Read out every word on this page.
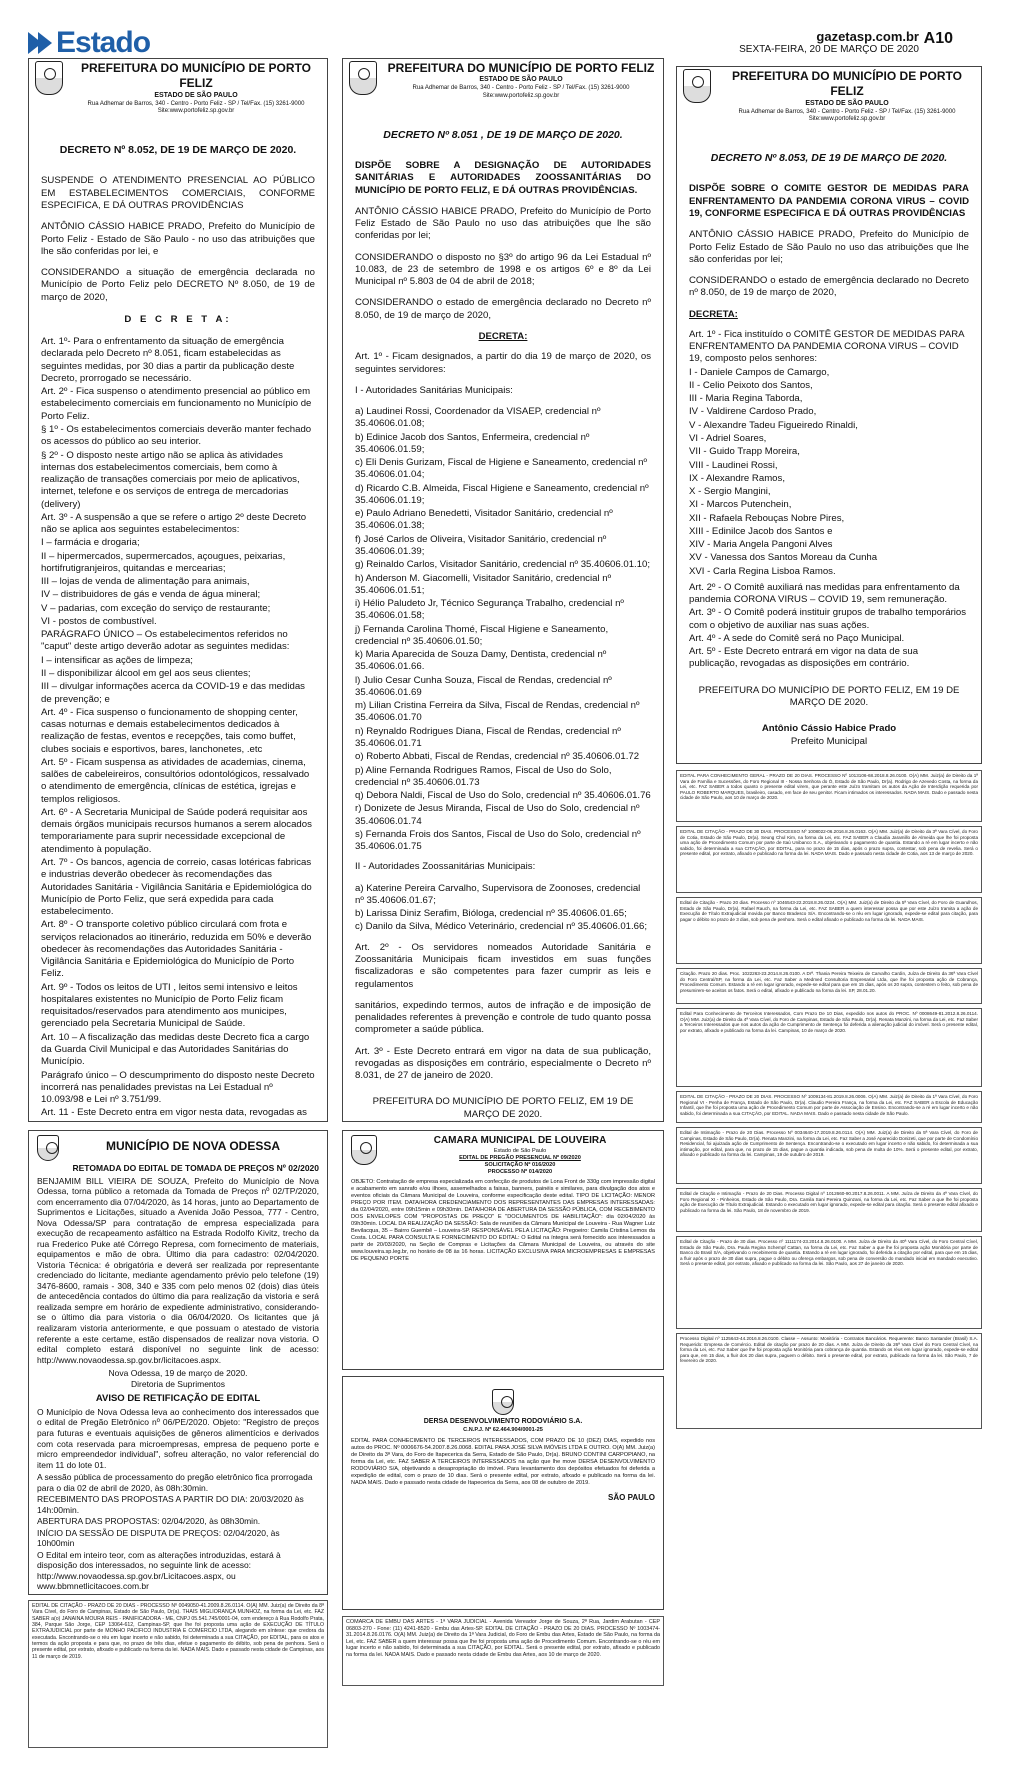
Estado	gazetasp.com.br
SEXTA-FEIRA, 20 DE MARÇO DE 2020
A10
PREFEITURA DO MUNICÍPIO DE PORTO FELIZ
ESTADO DE SÃO PAULO
Rua Adhemar de Barros, 340 - Centro - Porto Feliz - SP / Tel/Fax. (15) 3261-9000
Site:www.portofeliz.sp.gov.br
DECRETO Nº 8.052, DE 19 DE MARÇO DE 2020.
SUSPENDE O ATENDIMENTO PRESENCIAL AO PÚBLICO EM ESTABELECIMENTOS COMERCIAIS, CONFORME ESPECIFICA, E DÁ OUTRAS PROVIDÊNCIAS
ANTÔNIO CÁSSIO HABICE PRADO, Prefeito do Município de Porto Feliz - Estado de São Paulo - no uso das atribuições que lhe são conferidas por lei, e
CONSIDERANDO a situação de emergência declarada no Município de Porto Feliz pelo DECRETO Nº 8.050, de 19 de março de 2020,
D E C R E T A:
Art. 1º- Para o enfrentamento da situação de emergência declarada pelo Decreto nº 8.051, ficam estabelecidas as seguintes medidas, por 30 dias a partir da publicação deste Decreto, prorrogado se necessário.
Art. 2º - Fica suspenso o atendimento presencial ao público em estabelecimento comerciais em funcionamento no Município de Porto Feliz.
§ 1º - Os estabelecimentos comerciais deverão manter fechado os acessos do público ao seu interior.
§ 2º - O disposto neste artigo não se aplica às atividades internas dos estabelecimentos comerciais, bem como à realização de transações comerciais por meio de aplicativos, internet, telefone e os serviços de entrega de mercadorias (delivery)
Art. 3º - A suspensão a que se refere o artigo 2º deste Decreto não se aplica aos seguintes estabelecimentos:
I – farmácia e drogaria;
II – hipermercados, supermercados, açougues, peixarias, hortifrutigranjeiros, quitandas e mercearias;
III – lojas de venda de alimentação para animais,
IV – distribuidores de gás e venda de água mineral;
V – padarias, com exceção do serviço de restaurante;
VI - postos de combustível.
PARÁGRAFO ÚNICO – Os estabelecimentos referidos no "caput" deste artigo deverão adotar as seguintes medidas:
I – intensificar as ações de limpeza;
II – disponibilizar álcool em gel aos seus clientes;
III – divulgar informações acerca da COVID-19 e das medidas de prevenção; e
Art. 4º - Fica suspenso o funcionamento de shopping center, casas noturnas e demais estabelecimentos dedicados à realização de festas, eventos e recepções, tais como buffet, clubes sociais e esportivos, bares, lanchonetes, .etc
Art. 5º - Ficam suspensa as atividades de academias, cinema, salões de cabeleireiros, consultórios odontológicos, ressalvado o atendimento de emergência, clínicas de estética, igrejas e templos religiosos.
Art. 6º - A Secretaria Municipal de Saúde poderá requisitar aos demais órgãos municipais recursos humanos a serem alocados temporariamente para suprir necessidade excepcional de atendimento à população.
Art. 7º - Os bancos, agencia de correio, casas lotéricas fabricas e industrias deverão obedecer às recomendações das Autoridades Sanitária - Vigilância Sanitária e Epidemiológica do Município de Porto Feliz, que será expedida para cada estabelecimento.
Art. 8º - O transporte coletivo público circulará com frota e serviços relacionados ao itinerário, reduzida em 50% e deverão obedecer às recomendações das Autoridades Sanitária - Vigilância Sanitária e Epidemiológica do Município de Porto Feliz.
Art. 9º - Todos os leitos de UTI , leitos semi intensivo e leitos hospitalares existentes no Município de Porto Feliz ficam requisitados/reservados para atendimento aos municipes, gerenciado pela Secretaria Municipal de Saúde.
Art. 10 – A fiscalização das medidas deste Decreto fica a cargo da Guarda Civil Municipal e das Autoridades Sanitárias do Município.
Parágrafo único – O descumprimento do disposto neste Decreto incorrerá nas penalidades previstas na Lei Estadual nº 10.093/98 e Lei nº 3.751/99.
Art. 11 - Este Decreto entra em vigor nesta data, revogadas as
PREFEITURA DO MUNICÍPIO DE PORTO FELIZ
ESTADO DE SÃO PAULO
Rua Adhemar de Barros, 340 - Centro - Porto Feliz - SP / Tel/Fax. (15) 3261-9000
Site:www.portofeliz.sp.gov.br
DECRETO Nº 8.051 , DE 19 DE MARÇO DE 2020.
DISPÕE SOBRE A DESIGNAÇÃO DE AUTORIDADES SANITÁRIAS E AUTORIDADES ZOOSSANITÁRIAS DO MUNICÍPIO DE PORTO FELIZ, E DÁ OUTRAS PROVIDÊNCIAS.
ANTÔNIO CÁSSIO HABICE PRADO, Prefeito do Município de Porto Feliz Estado de São Paulo no uso das atribuições que lhe são conferidas por lei;
CONSIDERANDO o disposto no §3º do artigo 96 da Lei Estadual nº 10.083, de 23 de setembro de 1998 e os artigos 6º e 8º da Lei Municipal nº 5.803 de 04 de abril de 2018;
CONSIDERANDO o estado de emergência declarado no Decreto nº 8.050, de 19 de março de 2020,
DECRETA:
Art. 1º - Ficam designados, a partir do dia 19 de março de 2020, os seguintes servidores:
I - Autoridades Sanitárias Municipais:
a) Laudinei Rossi, Coordenador da VISAEP, credencial nº 35.40606.01.08;
b) Edinice Jacob dos Santos, Enfermeira, credencial nº 35.40606.01.59;
c) Eli Denis Gurizam, Fiscal de Higiene e Saneamento, credencial nº 35.40606.01.04;
d) Ricardo C.B. Almeida, Fiscal Higiene e Saneamento, credencial nº 35.40606.01.19;
e) Paulo Adriano Benedetti, Visitador Sanitário, credencial nº 35.40606.01.38;
f) José Carlos de Oliveira, Visitador Sanitário, credencial nº 35.40606.01.39;
g) Reinaldo Carlos, Visitador Sanitário, credencial nº 35.40606.01.10;
h) Anderson M. Giacomelli, Visitador Sanitário, credencial nº 35.40606.01.51;
i) Hélio Paludeto Jr, Técnico Segurança Trabalho, credencial nº 35.40606.01.58;
j) Fernanda Carolina Thomé, Fiscal Higiene e Saneamento, credencial nº 35.40606.01.50;
k) Maria Aparecida de Souza Damy, Dentista, credencial nº 35.40606.01.66.
l) Julio Cesar Cunha Souza, Fiscal de Rendas, credencial nº 35.40606.01.69
m) Lilian Cristina Ferreira da Silva, Fiscal de Rendas, credencial nº 35.40606.01.70
n) Reynaldo Rodrigues Diana, Fiscal de Rendas, credencial nº 35.40606.01.71
o) Roberto Abbati, Fiscal de Rendas, credencial nº 35.40606.01.72
p) Aline Fernanda Rodrigues Ramos, Fiscal de Uso do Solo, credencial nº 35.40606.01.73
q) Debora Naldi, Fiscal de Uso do Solo, credencial nº 35.40606.01.76
r) Donizete de Jesus Miranda, Fiscal de Uso do Solo, credencial nº 35.40606.01.74
s) Fernanda Frois dos Santos, Fiscal de Uso do Solo, credencial nº 35.40606.01.75
II - Autoridades Zoossanitárias Municipais:
a) Katerine Pereira Carvalho, Supervisora de Zoonoses, credencial nº 35.40606.01.67;
b) Larissa Diniz Serafim, Bióloga, credencial nº 35.40606.01.65;
c) Danilo da Silva, Médico Veterinário, credencial nº 35.40606.01.66;
Art. 2º - Os servidores nomeados Autoridade Sanitária e Zoossanitária Municipais ficam investidos em suas funções fiscalizadoras e são competentes para fazer cumprir as leis e regulamentos
sanitários, expedindo termos, autos de infração e de imposição de penalidades referentes à prevenção e controle de tudo quanto possa comprometer a saúde pública.
Art. 3º - Este Decreto entrará em vigor na data de sua publicação, revogadas as disposições em contrário, especialmente o Decreto nº 8.031, de 27 de janeiro de 2020.
PREFEITURA DO MUNICÍPIO DE PORTO FELIZ, EM 19 DE MARÇO DE 2020.
PREFEITURA DO MUNICÍPIO DE PORTO FELIZ
ESTADO DE SÃO PAULO
Rua Adhemar de Barros, 340 - Centro - Porto Feliz - SP / Tel/Fax. (15) 3261-9000
Site:www.portofeliz.sp.gov.br
DECRETO Nº 8.053, DE 19 DE MARÇO DE 2020.
DISPÕE SOBRE O COMITE GESTOR DE MEDIDAS PARA ENFRENTAMENTO DA PANDEMIA CORONA VIRUS – COVID 19, CONFORME ESPECIFICA E DÁ OUTRAS PROVIDÊNCIAS
ANTÔNIO CÁSSIO HABICE PRADO, Prefeito do Município de Porto Feliz Estado de São Paulo no uso das atribuições que lhe são conferidas por lei;
CONSIDERANDO o estado de emergência declarado no Decreto nº 8.050, de 19 de março de 2020,
DECRETA:
Art. 1º - Fica instituído o COMITÊ GESTOR DE MEDIDAS PARA ENFRENTAMENTO DA PANDEMIA CORONA VIRUS – COVID 19, composto pelos senhores:
I - Daniele Campos de Camargo,
II - Celio Peixoto dos Santos,
III - Maria Regina Taborda,
IV - Valdirene Cardoso Prado,
V - Alexandre Tadeu Figueiredo Rinaldi,
VI - Adriel Soares,
VII - Guido Trapp Moreira,
VIII - Laudinei Rossi,
IX - Alexandre Ramos,
X - Sergio Mangini,
XI - Marcos Putenchein,
XII - Rafaela Rebouças Nobre Pires,
XIII - Edinilce Jacob dos Santos e
XIV - Maria Angela Pangoni Alves
XV - Vanessa dos Santos Moreau da Cunha
XVI - Carla Regina Lisboa Ramos.
Art. 2º - O Comitê auxiliará nas medidas para enfrentamento da pandemia CORONA VIRUS – COVID 19, sem remuneração.
Art. 3º - O Comitê poderá instituir grupos de trabalho temporários com o objetivo de auxiliar nas suas ações.
Art. 4º - A sede do Comitê será no Paço Municipal.
Art. 5º - Este Decreto entrará em vigor na data de sua publicação, revogadas as disposições em contrário.
PREFEITURA DO MUNICÍPIO DE PORTO FELIZ, EM 19 DE MARÇO DE 2020.
Antônio Cássio Habice Prado
Prefeito Municipal
EDITAL PARA CONHECIMENTO GERAL - PRAZO DE 20 DIAS. PROCESSO Nº 1013106-68.2018.8.26.0100. O(A) MM. Juiz(a) de Direito da 1ª Vara de Família e Sucessões, do Foro Regional III - Nossa Senhora do Ó, Estado de São Paulo, Dr(a). Rodrigo de Azevedo Costa, na forma da Lei, etc. FAZ SABER a todos quanto o presente edital virem, que perante este Juízo tramitam os autos da Ação de Interdição requerida por PAULO ROBERTO MARQUES, brasileiro, casado, em face de seu genitor. Ficam intimados os interessados. NADA MAIS. Dado e passado nesta cidade de São Paulo, aos 10 de março de 2020.
EDITAL DE CITAÇÃO - PRAZO DE 30 DIAS. PROCESSO Nº 1008022-06.2016.8.26.0163. O(A) MM. Juiz(a) de Direito da 3ª Vara Cível, do Foro de Cotia, Estado de São Paulo, Dr(a). Seung Chul Kim, na forma da Lei, etc. FAZ SABER a Claudia Jaramillo de Almeida que lhe foi proposta uma ação de Procedimento Comum por parte de Itaú Unibanco S.A., objetivando o pagamento de quantia. Estando a ré em lugar incerto e não sabido, foi determinada a sua CITAÇÃO, por EDITAL, para no prazo de 15 dias, após o prazo supra, contestar, sob pena de revelia. Será o presente edital, por extrato, afixado e publicado na forma da lei. NADA MAIS. Dado e passado nesta cidade de Cotia, aos 13 de março de 2020.
Edital de Citação - Prazo 20 dias. Processo nº 1046543-22.2018.8.26.0224. O(A) MM. Juiz(a) de Direito da 5ª Vara Cível, do Foro de Guarulhos, Estado de São Paulo, Dr(a). Rafael Rauch, na forma da Lei, etc. FAZ SABER a quem interessar possa que por este Juízo tramita a ação de Execução de Título Extrajudicial movida por Banco Bradesco S/A. Encontrando-se o réu em lugar ignorado, expede-se edital para citação, para pagar o débito no prazo de 3 dias, sob pena de penhora. Será o edital afixado e publicado na forma da lei. NADA MAIS.
Citação. Prazo 20 dias. Proc. 1022263-23.2014.8.26.0100. A Drª. Thania Pereira Teixeira de Carvalho Cardin, Juíza de Direito da 36ª Vara Cível do Foro Central/SP, na forma da Lei, etc. Faz Saber a Medmed Consultoria Empresarial Ltda, que lhe foi proposta ação de Cobrança, Procedimento Comum. Estando a ré em lugar ignorado, expede-se edital para que em 15 dias, após os 20 supra, contestem o feito, sob pena de presumirem-se aceitos os fatos. Será o edital, afixado e publicado na forma da lei. SP, 28.01.20.
Edital Para Conhecimento de Terceiros Interessados, Com Prazo De 10 Dias, expedido nos autos do PROC. Nº 0008649-81.2012.8.26.0114. O(A) MM. Juiz(a) de Direito da 4ª Vara Cível, do Foro de Campinas, Estado de São Paulo, Dr(a). Renata Manzini, na forma da Lei, etc. Faz Saber a Terceiros Interessados que nos autos da ação de Cumprimento de Sentença foi deferida a alienação judicial do imóvel. Será o presente edital, por extrato, afixado e publicado na forma da lei. Campinas, 10 de março de 2020.
EDITAL DE CITAÇÃO - PRAZO DE 20 DIAS. PROCESSO Nº 1009134-81.2019.8.26.0006. O(A) MM. Juiz(a) de Direito da 1ª Vara Cível, do Foro Regional VI - Penha de França, Estado de São Paulo, Dr(a). Claudio Pereira França, na forma da Lei, etc. FAZ SABER a Escola de Educação Infantil, que lhe foi proposta uma ação de Procedimento Comum por parte de Associação de Ensino. Encontrando-se a ré em lugar incerto e não sabido, foi determinada a sua CITAÇÃO, por EDITAL. NADA MAIS. Dado e passado nesta cidade de São Paulo.
Edital de Intimação - Prazo de 20 Dias. Processo Nº 0034640-17.2019.8.26.0114. O(A) MM. Juiz(a) de Direito da 5ª Vara Cível, do Foro de Campinas, Estado de São Paulo, Dr(a). Renata Manzini, na forma da Lei, etc. Faz Saber a José Aparecido Donizeti, que por parte de Condomínio Residencial, foi ajuizada ação de Cumprimento de Sentença. Encontrando-se o executado em lugar incerto e não sabido, foi determinada a sua intimação, por edital, para que, no prazo de 15 dias, pague a quantia indicada, sob pena de multa de 10%. Será o presente edital, por extrato, afixado e publicado na forma da lei. Campinas, 19 de outubro de 2019.
Edital de Citação e Intimação - Prazo de 20 Dias. Processo Digital nº 1012660-90.2017.8.26.0011. A MM. Juíza de Direito da 4ª Vara Cível, do Foro Regional XI - Pinheiros, Estado de São Paulo, Dra. Camila Sani Pereira Quinzani, na forma da Lei, etc. Faz Saber a que lhe foi proposta ação de Execução de Título Extrajudicial. Estando o executado em lugar ignorado, expede-se edital para citação. Será o presente edital afixado e publicado na forma da lei. São Paulo, 18 de novembro de 2019.
Edital de Citação - Prazo de 30 dias. Processo nº 1111174-23.2014.8.26.0100. A MM. Juíza de Direito da 40ª Vara Cível, do Foro Central Cível, Estado de São Paulo, Dra. Paula Regina Schempf Cattan, na forma da Lei, etc. Faz Saber a que lhe foi proposta ação Monitória por parte de Banco do Brasil S/A, objetivando o recebimento de quantia. Estando a ré em lugar ignorado, foi deferida a citação por edital, para que em 15 dias, a fluir após o prazo de 30 dias supra, pague o débito ou ofereça embargos, sob pena de conversão do mandado inicial em mandado executivo. Será o presente edital, por extrato, afixado e publicado na forma da lei. São Paulo, aos 27 de janeiro de 2020.
Processo Digital nº 1125643-44.2016.8.26.0100. Classe – Assunto: Monitória - Contratos Bancários. Requerente: Banco Santander (Brasil) S.A. Requerido: Empresa de Comércio. Edital de citação por prazo de 20 dias. A MM. Juíza de Direito da 26ª Vara Cível do Foro Central Cível, na forma da Lei, etc. Faz Saber que lhe foi proposta ação Monitória para cobrança de quantia. Estando os réus em lugar ignorado, expede-se edital para que, em 15 dias, a fluir dos 20 dias supra, paguem o débito. Será o presente edital, por extrato, publicado na forma da lei. São Paulo, 7 de fevereiro de 2020.
MUNICÍPIO DE NOVA ODESSA
RETOMADA DO EDITAL DE TOMADA DE PREÇOS Nº 02/2020
BENJAMIM BILL VIEIRA DE SOUZA, Prefeito do Município de Nova Odessa, torna público a retomada da Tomada de Preços nº 02/TP/2020, com encerramento dia 07/04/2020, às 14 horas, junto ao Departamento de Suprimentos e Licitações, situado a Avenida João Pessoa, 777 - Centro, Nova Odessa/SP para contratação de empresa especializada para execução de recapeamento asfáltico na Estrada Rodolfo Kivitz, trecho da rua Frederico Puke até Córrego Represa, com fornecimento de materiais, equipamentos e mão de obra. Último dia para cadastro: 02/04/2020. Vistoria Técnica: é obrigatória e deverá ser realizada por representante credenciado do licitante, mediante agendamento prévio pelo telefone (19) 3476-8600, ramais - 308, 340 e 335 com pelo menos 02 (dois) dias úteis de antecedência contados do último dia para realização da vistoria e será realizada sempre em horário de expediente administrativo, considerando-se o último dia para vistoria o dia 06/04/2020. Os licitantes que já realizaram vistoria anteriormente, e que possuam o atestado de vistoria referente a este certame, estão dispensados de realizar nova vistoria. O edital completo estará disponível no seguinte link de acesso: http://www.novaodessa.sp.gov.br/licitacoes.aspx.
Nova Odessa, 19 de março de 2020.
Diretoria de Suprimentos
AVISO DE RETIFICAÇÃO DE EDITAL
O Município de Nova Odessa leva ao conhecimento dos interessados que o edital de Pregão Eletrônico nº 06/PE/2020. Objeto: "Registro de preços para futuras e eventuais aquisições de gêneros alimentícios e derivados com cota reservada para microempresas, empresa de pequeno porte e micro empreendedor individual", sofreu alteração, no valor referencial do item 11 do lote 01.
A sessão pública de processamento do pregão eletrônico fica prorrogada para o dia 02 de abril de 2020, às 08h:30min.
RECEBIMENTO DAS PROPOSTAS A PARTIR DO DIA: 20/03/2020 às 14h:00min.
ABERTURA DAS PROPOSTAS: 02/04/2020, às 08h30min.
INÍCIO DA SESSÃO DE DISPUTA DE PREÇOS: 02/04/2020, às 10h00min
O Edital em inteiro teor, com as alterações introduzidas, estará à disposição dos interessados, no seguinte link de acesso: http://www.novaodessa.sp.gov.br/Licitacoes.aspx, ou www.bbmnetlicitacoes.com.br
EDITAL DE CITAÇÃO - PRAZO DE 20 DIAS - PROCESSO Nº 0049050-41.2009.8.26.0114. O(A) MM. Juiz(a) de Direito da 8ª Vara Cível, do Foro de Campinas, Estado de São Paulo, Dr(a). THAIS MIGLIORANÇA MUNHOZ, na forma da Lei, etc. FAZ SABER a(o) JANAINA MOURA REIS - PANIFICADORA - ME, CNPJ 05.541.745/0001-04, com endereço à Rua Rodolfo Prata, 384, Parque São Jorge, CEP 13064-612, Campinas-SP, que lhe foi proposta uma ação de EXECUÇÃO DE TÍTULO EXTRAJUDICIAL por parte de MONHO PACIFICO INDUSTRIA E COMERCIO LTDA, alegando em síntese: que credora da executada. Encontrando-se o réu em lugar incerto e não sabido, foi determinada a sua CITAÇÃO, por EDITAL, para os atos e termos da ação proposta e para que, no prazo de três dias, efetue o pagamento do débito, sob pena de penhora. Será o presente edital, por extrato, afixado e publicado na forma da lei. NADA MAIS. Dado e passado nesta cidade de Campinas, aos 11 de março de 2019.
CAMARA MUNICIPAL DE LOUVEIRA
Estado de São Paulo
EDITAL DE PREGÃO PRESENCIAL Nº 09/2020
SOLICITAÇÃO Nº 016/2020
PROCESSO Nº 014/2020
OBJETO: Contratação de empresa especializada em confecção de produtos de Lona Front de 330g com impressão digital e acabamento em sanrafo e/ou ilhoes, assemelhados a faixas, banners, painéis e similares, para divulgação dos atos e eventos oficiais da Câmara Municipal de Louveira, conforme especificação deste edital. TIPO DE LICITAÇÃO: MENOR PREÇO POR ITEM. DATA/HORA CREDENCIAMENTO DOS REPRESENTANTES DAS EMPRESAS INTERESSADAS: dia 02/04/2020, entre 09h15min e 09h30min. DATA/HORA DE ABERTURA DA SESSÃO PÚBLICA, COM RECEBIMENTO DOS ENVELOPES COM "PROPOSTAS DE PREÇO" E "DOCUMENTOS DE HABILITAÇÃO": dia 02/04/2020 às 09h30min. LOCAL DA REALIZAÇÃO DA SESSÃO: Sala de reuniões da Câmara Municipal de Louveira - Rua Wagner Luiz Bevilacqua, 35 – Bairro Guembê – Louveira-SP. RESPONSÁVEL PELA LICITAÇÃO: Pregoeiro: Camila Cristina Lemos da Costa. LOCAL PARA CONSULTA E FORNECIMENTO DO EDITAL: O Edital na íntegra será fornecido aos interessados a partir de 20/03/2020, na Seção de Compras e Licitações da Câmara Municipal de Louveira, ou através do site www.louveira.sp.leg.br, no horário de 08 às 16 horas. LICITAÇÃO EXCLUSIVA PARA MICROEMPRESAS E EMPRESAS DE PEQUENO PORTE
DERSA DESENVOLVIMENTO RODOVIÁRIO S.A.
C.N.P.J. Nº 62.464.904/0001-25
EDITAL PARA CONHECIMENTO DE TERCEIROS INTERESSADOS, COM PRAZO DE 10 (DEZ) DIAS, expedido nos autos do PROC. Nº 0006676-54.2007.8.26.0068. EDITAL PARA JOSÉ SILVA IMÓVEIS LTDA E OUTRO. O(A) MM. Juiz(a) de Direito da 3ª Vara, do Foro de Itapecerica da Serra, Estado de São Paulo, Dr(a). BRUNO CONTINI CARPOPIANO, na forma da Lei, etc. FAZ SABER A TERCEIROS INTERESSADOS na ação que lhe move DERSA DESENVOLVIMENTO RODOVIÁRIO S/A, objetivando a desapropriação do imóvel. Para levantamento dos depósitos efetuados foi deferida a expedição de edital, com o prazo de 10 dias. Será o presente edital, por extrato, afixado e publicado na forma da lei. NADA MAIS. Dado e passado nesta cidade de Itapecerica da Serra, aos 08 de outubro de 2019.
SÃO PAULO
COMARCA DE EMBU DAS ARTES - 1ª VARA JUDICIAL - Avenida Vereador Jorge de Souza, 2ª Rua, Jardim Arabutan - CEP 06803-270 - Fone: (11) 4241-8520 - Embu das Artes-SP. EDITAL DE CITAÇÃO - PRAZO DE 20 DIAS. PROCESSO Nº 1003474-31.2014.8.26.0176. O(A) MM. Juiz(a) de Direito da 1ª Vara Judicial, do Foro de Embu das Artes, Estado de São Paulo, na forma da Lei, etc. FAZ SABER a quem interessar possa que lhe foi proposta uma ação de Procedimento Comum. Encontrando-se o réu em lugar incerto e não sabido, foi determinada a sua CITAÇÃO, por EDITAL. Será o presente edital, por extrato, afixado e publicado na forma da lei. NADA MAIS. Dado e passado nesta cidade de Embu das Artes, aos 10 de março de 2020.
